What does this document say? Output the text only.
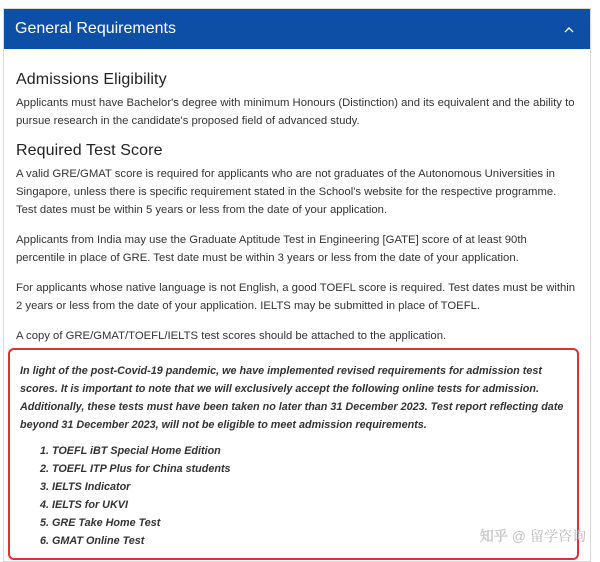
General Requirements
Admissions Eligibility

Applicants must have Bachelor's degree with minimum Honours (Distinction) and its equivalent and the ability to pursue research in the candidate's proposed field of advanced study.

Required Test Score

A valid GRE/GMAT score is required for applicants who are not graduates of the Autonomous Universities in Singapore, unless there is specific requirement stated in the School's website for the respective programme. Test dates must be within 5 years or less from the date of your application.

Applicants from India may use the Graduate Aptitude Test in Engineering [GATE] score of at least 90th percentile in place of GRE. Test date must be within 3 years or less from the date of your application.

For applicants whose native language is not English, a good TOEFL score is required. Test dates must be within 2 years or less from the date of your application. IELTS may be submitted in place of TOEFL.

A copy of GRE/GMAT/TOEFL/IELTS test scores should be attached to the application.

In light of the post-Covid-19 pandemic, we have implemented revised requirements for admission test scores. It is important to note that we will exclusively accept the following online tests for admission. Additionally, these tests must have been taken no later than 31 December 2023. Test report reflecting date beyond 31 December 2023, will not be eligible to meet admission requirements.

1. TOEFL iBT Special Home Edition
2. TOEFL ITP Plus for China students
3. IELTS Indicator
4. IELTS for UKVI
5. GRE Take Home Test
6. GMAT Online Test	知乎 @ 留学咨询
